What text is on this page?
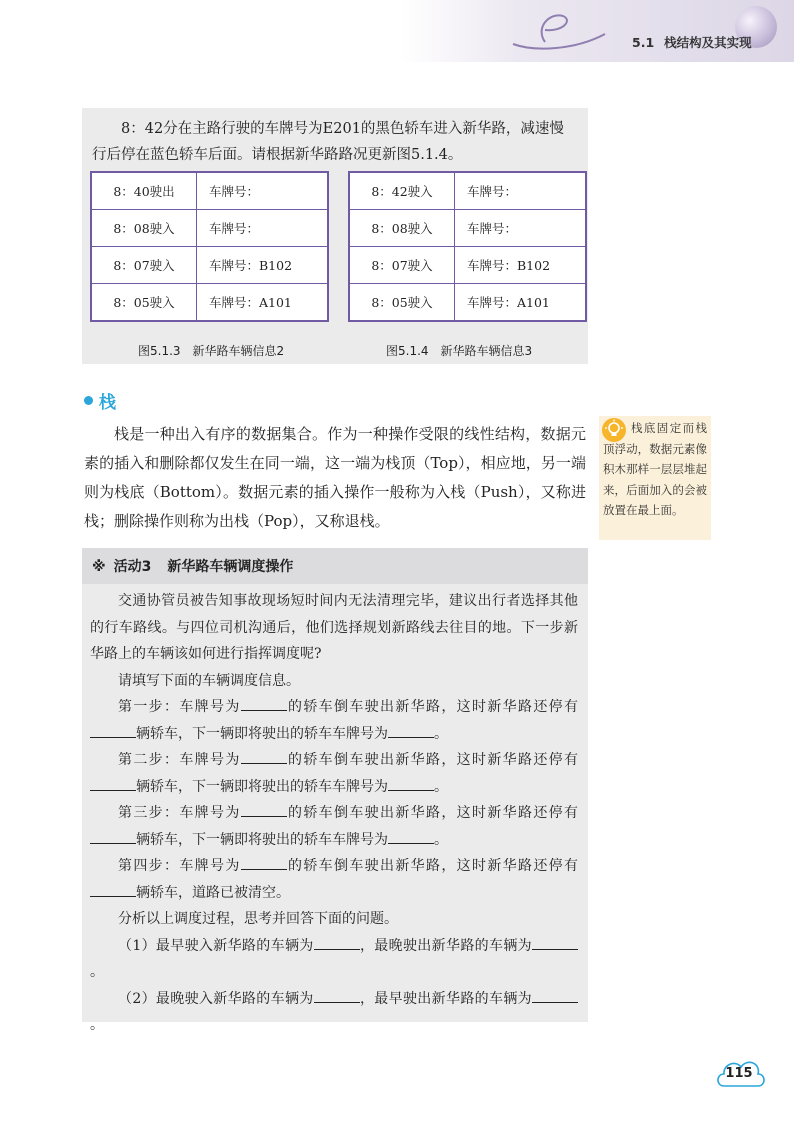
5.1 栈结构及其实现
8：42分在主路行驶的车牌号为E201的黑色轿车进入新华路，减速慢行后停在蓝色轿车后面。请根据新华路路况更新图5.1.4。
8：40驶出	车牌号：
8：08驶入	车牌号：
8：07驶入	车牌号：B102
8：05驶入	车牌号：A101
8：42驶入	车牌号：
8：08驶入	车牌号：
8：07驶入	车牌号：B102
8：05驶入	车牌号：A101
图5.1.3　新华路车辆信息2	图5.1.4　新华路车辆信息3
栈
栈是一种出入有序的数据集合。作为一种操作受限的线性结构，数据元素的插入和删除都仅发生在同一端，这一端为栈顶（Top），相应地，另一端则为栈底（Bottom）。数据元素的插入操作一般称为入栈（Push），又称进栈；删除操作则称为出栈（Pop），又称退栈。
栈底固定而栈顶浮动，数据元素像积木那样一层层堆起来，后面加入的会被放置在最上面。
※ 活动3 新华路车辆调度操作

交通协管员被告知事故现场短时间内无法清理完毕，建议出行者选择其他的行车路线。与四位司机沟通后，他们选择规划新路线去往目的地。下一步新华路上的车辆该如何进行指挥调度呢?

请填写下面的车辆调度信息。

第一步：车牌号为	的轿车倒车驶出新华路，这时新华路还停有辆轿车，下一辆即将驶出的轿车车牌号为	。

第二步：车牌号为	的轿车倒车驶出新华路，这时新华路还停有辆轿车，下一辆即将驶出的轿车车牌号为	。

第三步：车牌号为	的轿车倒车驶出新华路，这时新华路还停有辆轿车，下一辆即将驶出的轿车车牌号为	。

第四步：车牌号为	的轿车倒车驶出新华路，这时新华路还停有辆轿车，道路已被清空。

分析以上调度过程，思考并回答下面的问题。

（1）最早驶入新华路的车辆为	，最晚驶出新华路的车辆为。

（2）最晚驶入新华路的车辆为	，最早驶出新华路的车辆为。

115
